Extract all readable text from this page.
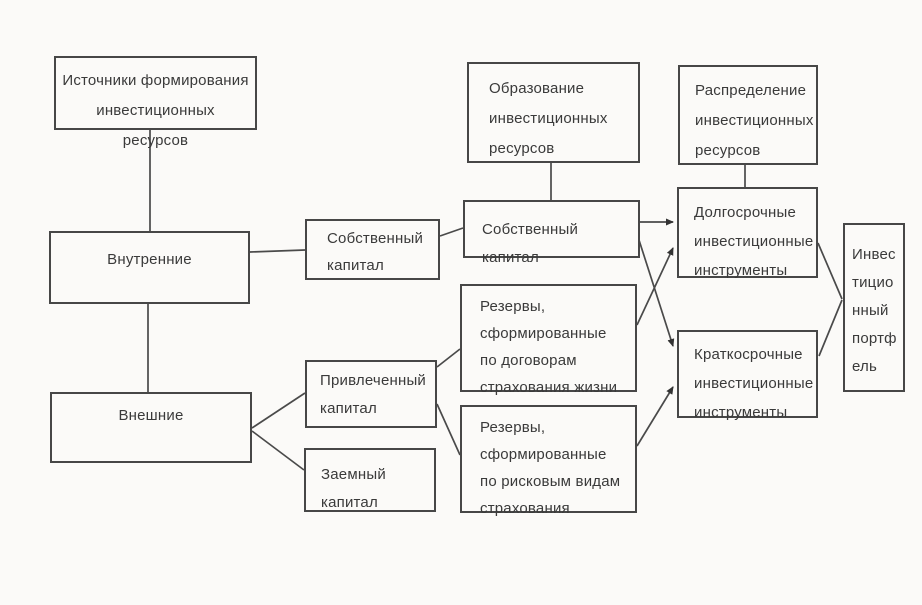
Источники формирования инвестиционных ресурсов
Внутренние
Внешние
Собственный капитал
Привлеченный капитал
Заемный капитал
Образование инвестиционных ресурсов
Собственный капитал
Резервы, сформированные по договорам страхования жизни
Резервы, сформированные по рисковым видам страхования
Распределение инвестиционных ресурсов
Долгосрочные инвестиционные инструменты
Краткосрочные инвестиционные инструменты
Инвестиционный портфель
